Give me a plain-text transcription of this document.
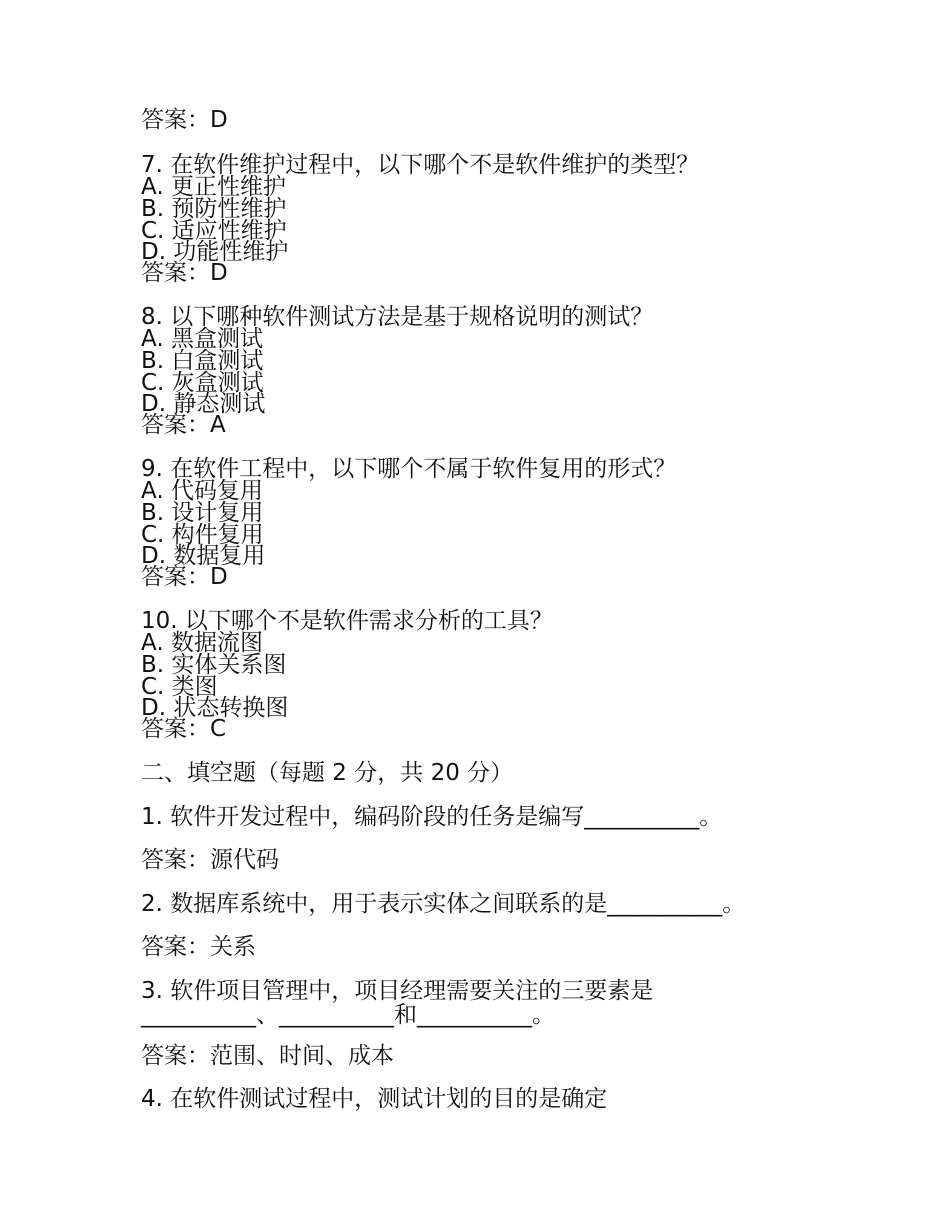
答案：D
7. 在软件维护过程中，以下哪个不是软件维护的类型？
A. 更正性维护
B. 预防性维护
C. 适应性维护
D. 功能性维护
答案：D
8. 以下哪种软件测试方法是基于规格说明的测试？
A. 黑盒测试
B. 白盒测试
C. 灰盒测试
D. 静态测试
答案：A
9. 在软件工程中，以下哪个不属于软件复用的形式？
A. 代码复用
B. 设计复用
C. 构件复用
D. 数据复用
答案：D
10. 以下哪个不是软件需求分析的工具？
A. 数据流图
B. 实体关系图
C. 类图
D. 状态转换图
答案：C
二、填空题（每题 2 分，共 20 分）
1. 软件开发过程中，编码阶段的任务是编写__________。
答案：源代码
2. 数据库系统中，用于表示实体之间联系的是__________。
答案：关系
3. 软件项目管理中，项目经理需要关注的三要素是
__________、__________和__________。
答案：范围、时间、成本
4. 在软件测试过程中，测试计划的目的是确定
